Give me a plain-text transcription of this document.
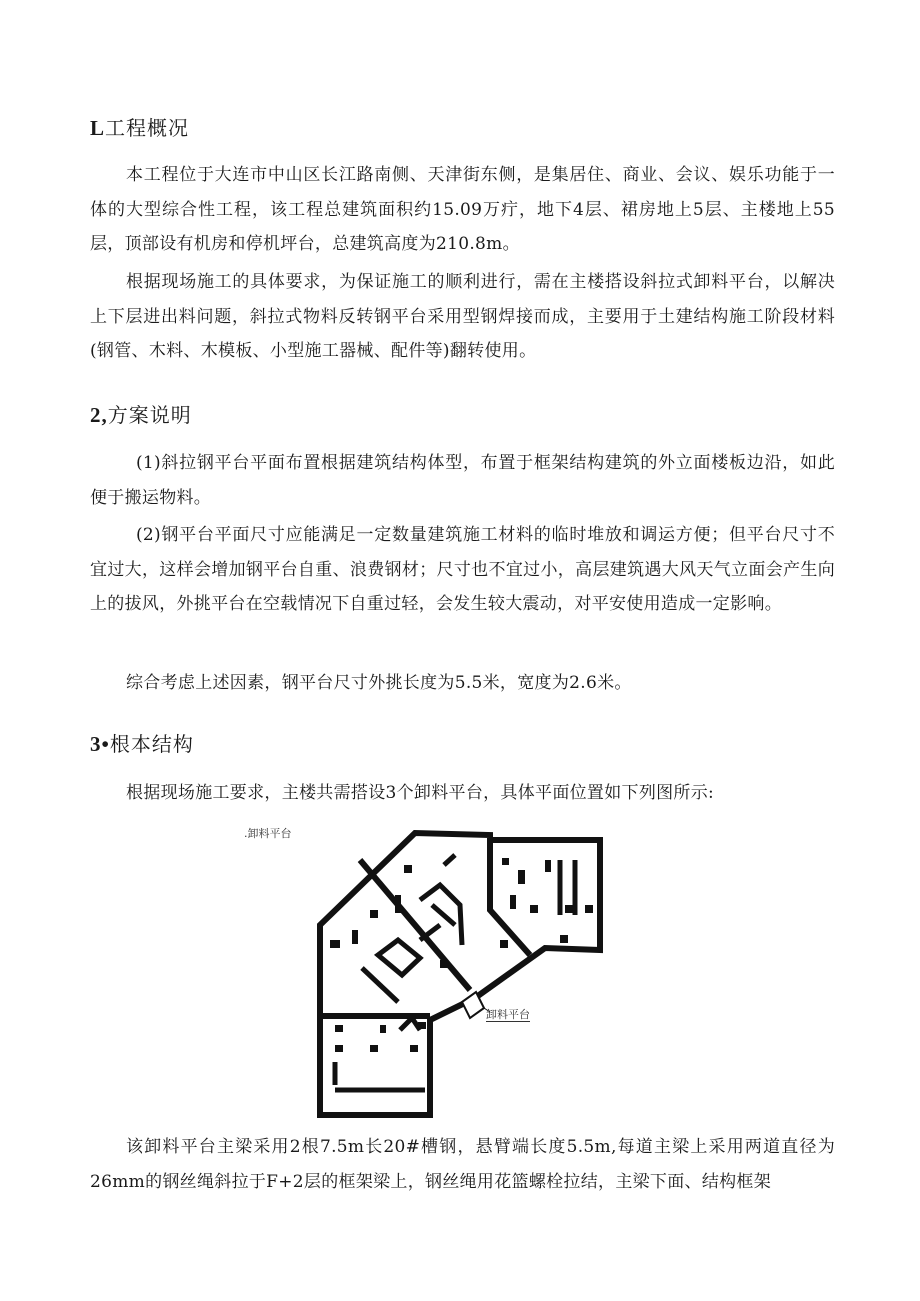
L工程概况

本工程位于大连市中山区长江路南侧、天津街东侧，是集居住、商业、会议、娱乐功能于一体的大型综合性工程，该工程总建筑面积约15.09万疔，地下4层、裙房地上5层、主楼地上55层，顶部设有机房和停机坪台，总建筑高度为210.8m。

根据现场施工的具体要求，为保证施工的顺利进行，需在主楼搭设斜拉式卸料平台，以解决上下层进出料问题，斜拉式物料反转钢平台采用型钢焊接而成，主要用于土建结构施工阶段材料(钢管、木料、木模板、小型施工器械、配件等)翻转使用。

2,方案说明

(1)斜拉钢平台平面布置根据建筑结构体型，布置于框架结构建筑的外立面楼板边沿，如此便于搬运物料。

(2)钢平台平面尺寸应能满足一定数量建筑施工材料的临时堆放和调运方便；但平台尺寸不宜过大，这样会增加钢平台自重、浪费钢材；尺寸也不宜过小，高层建筑遇大风天气立面会产生向上的拔风，外挑平台在空载情况下自重过轻，会发生较大震动，对平安使用造成一定影响。

综合考虑上述因素，钢平台尺寸外挑长度为5.5米，宽度为2.6米。

3•根本结构

根据现场施工要求，主楼共需搭设3个卸料平台，具体平面位置如下列图所示:

.卸料平台
卸料平台

该卸料平台主梁采用2根7.5m长20#槽钢，悬臂端长度5.5m,每道主梁上采用两道直径为26mm的钢丝绳斜拉于F+2层的框架梁上，钢丝绳用花篮螺栓拉结，主梁下面、结构框架
